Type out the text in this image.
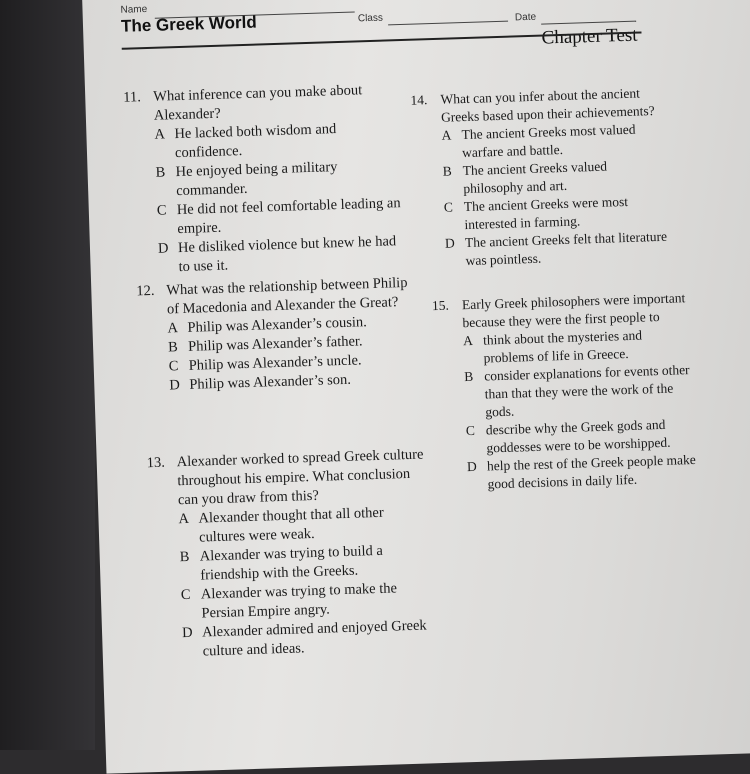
Name
Class	Date
The Greek World
Chapter Test
11. What inference can you make about Alexander?
A He lacked both wisdom and confidence.
B He enjoyed being a military commander.
C He did not feel comfortable leading an empire.
D He disliked violence but knew he had to use it.
12. What was the relationship between Philip of Macedonia and Alexander the Great?
A Philip was Alexander’s cousin.
B Philip was Alexander’s father.
C Philip was Alexander’s uncle.
D Philip was Alexander’s son.
13. Alexander worked to spread Greek culture throughout his empire. What conclusion can you draw from this?
A Alexander thought that all other cultures were weak.
B Alexander was trying to build a friendship with the Greeks.
C Alexander was trying to make the Persian Empire angry.
D Alexander admired and enjoyed Greek culture and ideas.
14. What can you infer about the ancient Greeks based upon their achievements?
A The ancient Greeks most valued warfare and battle.
B The ancient Greeks valued philosophy and art.
C The ancient Greeks were most interested in farming.
D The ancient Greeks felt that literature was pointless.
15. Early Greek philosophers were important because they were the first people to
A think about the mysteries and problems of life in Greece.
B consider explanations for events other than that they were the work of the gods.
C describe why the Greek gods and goddesses were to be worshipped.
D help the rest of the Greek people make good decisions in daily life.
